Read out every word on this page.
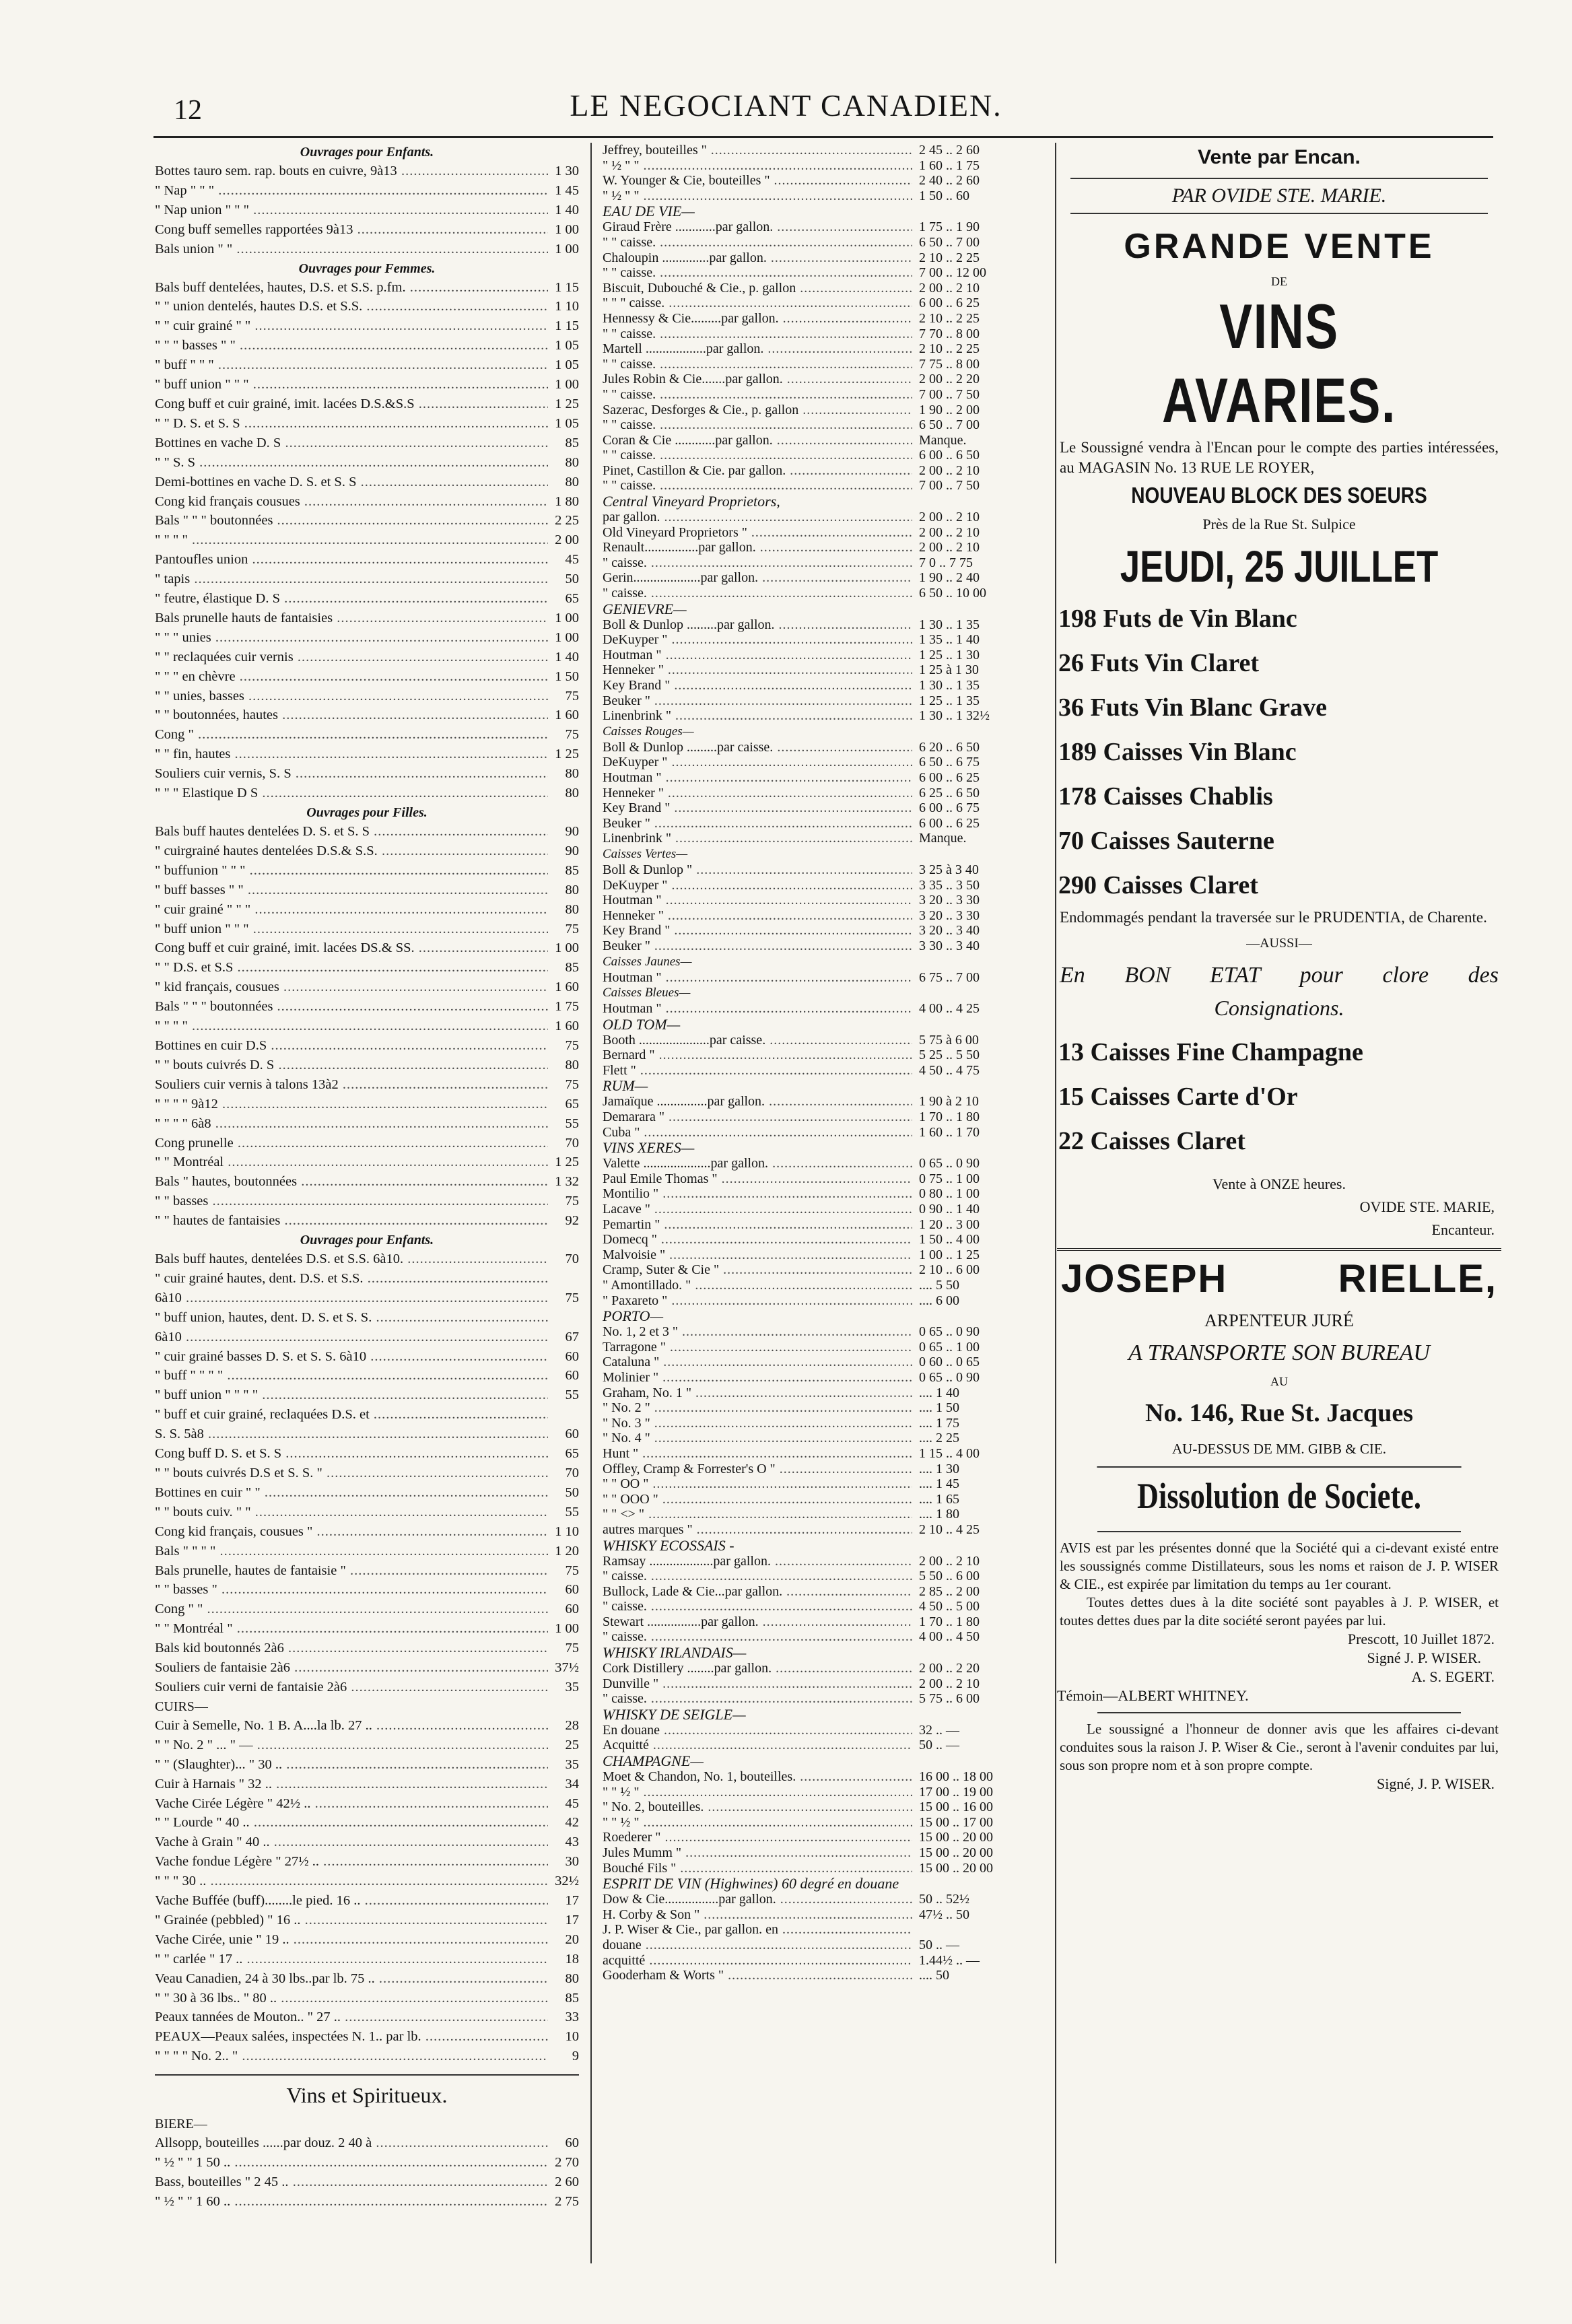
12	LE NEGOCIANT CANADIEN.
Ouvrages pour Enfants.
Bottes tauro sem. rap. bouts en cuivre, 9à13 .....	1 30
" Nap " " " .....	1 45
" Nap union " " " .....	1 40
Cong buff semelles rapportées 9à13 .....	1 00
Bals union " " .....	1 00
Ouvrages pour Femmes.
Bals buff dentelées, hautes, D.S. et S.S. p.fm. .....	1 15
" " union dentelés, hautes D.S. et S.S. .....	1 10
" " cuir grainé " " .....	1 15
" " " basses " " .....	1 05
" buff " " " .....	1 05
" buff union " " " .....	1 00
Cong buff et cuir grainé, imit. lacées D.S.&S.S .....	1 25
" " D. S. et S. S .....	1 05
Bottines en vache D. S .....	85
" " S. S .....	80
Demi-bottines en vache D. S. et S. S .....	80
Cong kid français cousues .....	1 80
Bals " " " boutonnées .....	2 25
" " " " .....	2 00
Pantoufles union .....	45
" tapis .....	50
" feutre, élastique D. S .....	65
Bals prunelle hauts de fantaisies .....	1 00
" " " unies .....	1 00
" " reclaquées cuir vernis .....	1 40
" " " en chèvre .....	1 50
" " unies, basses .....	75
" " boutonnées, hautes .....	1 60
Cong " .....	75
" " fin, hautes .....	1 25
Souliers cuir vernis, S. S .....	80
" " " Elastique D S .....	80
Ouvrages pour Filles.
Bals buff hautes dentelées D. S. et S. S .....	90
" cuirgrainé hautes dentelées D.S.& S.S. .....	90
" buffunion " " " .....	85
" buff basses " " .....	80
" cuir grainé " " " .....	80
" buff union " " " .....	75
Cong buff et cuir grainé, imit. lacées DS.& SS. .....	1 00
" " D.S. et S.S .....	85
" kid français, cousues .....	1 60
Bals " " " boutonnées .....	1 75
" " " " .....	1 60
Bottines en cuir D.S .....	75
" " bouts cuivrés D. S .....	80
Souliers cuir vernis à talons 13à2 .....	75
" " " " 9à12 .....	65
" " " " 6à8 .....	55
Cong prunelle .....	70
" " Montréal .....	1 25
Bals " hautes, boutonnées .....	1 32
" " basses .....	75
" " hautes de fantaisies .....	92
Ouvrages pour Enfants.
Bals buff hautes, dentelées D.S. et S.S. 6à10. .....	70
" cuir grainé hautes, dent. D.S. et S.S. .....
6à10 .....	75
" buff union, hautes, dent. D. S. et S. S. .....
6à10 .....	67
" cuir grainé basses D. S. et S. S. 6à10 .....	60
" buff " " " " .....	60
" buff union " " " " .....	55
" buff et cuir grainé, reclaquées D.S. et .....
S. S. 5à8 .....	60
Cong buff D. S. et S. S .....	65
" " bouts cuivrés D.S et S. S. " .....	70
Bottines en cuir " " .....	50
" " bouts cuiv. " " .....	55
Cong kid français, cousues " .....	1 10
Bals " " " " .....	1 20
Bals prunelle, hautes de fantaisie " .....	75
" " basses " .....	60
Cong " " .....	60
" " Montréal " .....	1 00
Bals kid boutonnés 2à6 .....	75
Souliers de fantaisie 2à6 .....	37½
Souliers cuir verni de fantaisie 2à6 .....	35
CUIRS—
Cuir à Semelle, No. 1 B. A....la lb. 27 .. .....	28
" " No. 2 " ... " — .....	25
" " (Slaughter)... " 30 .. .....	35
Cuir à Harnais " 32 .. .....	34
Vache Cirée Légère " 42½ .. .....	45
" " Lourde " 40 .. .....	42
Vache à Grain " 40 .. .....	43
Vache fondue Légère " 27½ .. .....	30
" " " 30 .. .....	32½
Vache Buffée (buff)........le pied. 16 .. .....	17
" Grainée (pebbled) " 16 .. .....	17
Vache Cirée, unie " 19 .. .....	20
" " carlée " 17 .. .....	18
Veau Canadien, 24 à 30 lbs..par lb. 75 .. .....	80
" " 30 à 36 lbs.. " 80 .. .....	85
Peaux tannées de Mouton.. " 27 .. .....	33
PEAUX—Peaux salées, inspectées N. 1.. par lb. .....	10
" " " " No. 2.. " .....	9
Vins et Spiritueux.
BIERE—
Allsopp, bouteilles ......par douz. 2 40 à .....	60
" ½ " " 1 50 .. .....	2 70
Bass, bouteilles " 2 45 .. .....	2 60
" ½ " " 1 60 .. .....	2 75
Jeffrey, bouteilles " .....	2 45 .. 2 60
" ½ " " .....	1 60 .. 1 75
W. Younger & Cie, bouteilles " .....	2 40 .. 2 60
" ½ " " .....	1 50 .. 60
EAU DE VIE—
Giraud Frère ............par gallon. .....	1 75 .. 1 90
" " caisse. .....	6 50 .. 7 00
Chaloupin ..............par gallon. .....	2 10 .. 2 25
" " caisse. .....	7 00 .. 12 00
Biscuit, Dubouché & Cie., p. gallon .....	2 00 .. 2 10
" " " caisse. .....	6 00 .. 6 25
Hennessy & Cie.........par gallon. .....	2 10 .. 2 25
" " caisse. .....	7 70 .. 8 00
Martell ..................par gallon. .....	2 10 .. 2 25
" " caisse. .....	7 75 .. 8 00
Jules Robin & Cie.......par gallon. .....	2 00 .. 2 20
" " caisse. .....	7 00 .. 7 50
Sazerac, Desforges & Cie., p. gallon .....	1 90 .. 2 00
" " caisse. .....	6 50 .. 7 00
Coran & Cie ............par gallon. .....	Manque.
" " caisse. .....	6 00 .. 6 50
Pinet, Castillon & Cie. par gallon. .....	2 00 .. 2 10
" " caisse. .....	7 00 .. 7 50
Central Vineyard Proprietors,
par gallon. .....	2 00 .. 2 10
Old Vineyard Proprietors " .....	2 00 .. 2 10
Renault................par gallon. .....	2 00 .. 2 10
" caisse. .....	7 0 .. 7 75
Gerin....................par gallon. .....	1 90 .. 2 40
" caisse. .....	6 50 .. 10 00
GENIEVRE—
Boll & Dunlop .........par gallon. .....	1 30 .. 1 35
DeKuyper " .....	1 35 .. 1 40
Houtman " .....	1 25 .. 1 30
Henneker " .....	1 25 à 1 30
Key Brand " .....	1 30 .. 1 35
Beuker " .....	1 25 .. 1 35
Linenbrink " .....	1 30 .. 1 32½
Caisses Rouges—
Boll & Dunlop .........par caisse. .....	6 20 .. 6 50
DeKuyper " .....	6 50 .. 6 75
Houtman " .....	6 00 .. 6 25
Henneker " .....	6 25 .. 6 50
Key Brand " .....	6 00 .. 6 75
Beuker " .....	6 00 .. 6 25
Linenbrink " .....	Manque.
Caisses Vertes—
Boll & Dunlop " .....	3 25 à 3 40
DeKuyper " .....	3 35 .. 3 50
Houtman " .....	3 20 .. 3 30
Henneker " .....	3 20 .. 3 30
Key Brand " .....	3 20 .. 3 40
Beuker " .....	3 30 .. 3 40
Caisses Jaunes—
Houtman " .....	6 75 .. 7 00
Caisses Bleues—
Houtman " .....	4 00 .. 4 25
OLD TOM—
Booth .....................par caisse. .....	5 75 à 6 00
Bernard " .....	5 25 .. 5 50
Flett " .....	4 50 .. 4 75
RUM—
Jamaïque ...............par gallon. .....	1 90 à 2 10
Demarara " .....	1 70 .. 1 80
Cuba " .....	1 60 .. 1 70
VINS XERES—
Valette ....................par gallon. .....	0 65 .. 0 90
Paul Emile Thomas " .....	0 75 .. 1 00
Montilio " .....	0 80 .. 1 00
Lacave " .....	0 90 .. 1 40
Pemartin " .....	1 20 .. 3 00
Domecq " .....	1 50 .. 4 00
Malvoisie " .....	1 00 .. 1 25
Cramp, Suter & Cie " .....	2 10 .. 6 00
" Amontillado. " .....	.... 5 50
" Paxareto " .....	.... 6 00
PORTO—
No. 1, 2 et 3 " .....	0 65 .. 0 90
Tarragone " .....	0 65 .. 1 00
Cataluna " .....	0 60 .. 0 65
Molinier " .....	0 65 .. 0 90
Graham, No. 1 " .....	.... 1 40
" No. 2 " .....	.... 1 50
" No. 3 " .....	.... 1 75
" No. 4 " .....	.... 2 25
Hunt " .....	1 15 .. 4 00
Offley, Cramp & Forrester's O " .....	.... 1 30
" " OO " .....	.... 1 45
" " OOO " .....	.... 1 65
" " <> " .....	.... 1 80
autres marques " .....	2 10 .. 4 25
WHISKY ECOSSAIS -
Ramsay ...................par gallon. .....	2 00 .. 2 10
" caisse. .....	5 50 .. 6 00
Bullock, Lade & Cie...par gallon. .....	2 85 .. 2 00
" caisse. .....	4 50 .. 5 00
Stewart ................par gallon. .....	1 70 .. 1 80
" caisse. .....	4 00 .. 4 50
WHISKY IRLANDAIS—
Cork Distillery ........par gallon. .....	2 00 .. 2 20
Dunville " .....	2 00 .. 2 10
" caisse. .....	5 75 .. 6 00
WHISKY DE SEIGLE—
En douane .....	32 .. —
Acquitté .....	50 .. —
CHAMPAGNE—
Moet & Chandon, No. 1, bouteilles. .....	16 00 .. 18 00
" " ½ " .....	17 00 .. 19 00
" No. 2, bouteilles. .....	15 00 .. 16 00
" " ½ " .....	15 00 .. 17 00
Roederer " .....	15 00 .. 20 00
Jules Mumm " .....	15 00 .. 20 00
Bouché Fils " .....	15 00 .. 20 00
ESPRIT DE VIN (Highwines) 60 degré en douane
Dow & Cie................par gallon. .....	50 .. 52½
H. Corby & Son " .....	47½ .. 50
J. P. Wiser & Cie., par gallon. en .....
douane .....	50 .. —
acquitté .....	1.44½ .. —
Gooderham & Worts " .....	.... 50
Vente par Encan.
PAR OVIDE STE. MARIE.
GRANDE VENTE
DE
VINS AVARIES.
Le Soussigné vendra à l'Encan pour le compte des parties intéressées, au MAGASIN No. 13 RUE LE ROYER,
NOUVEAU BLOCK DES SOEURS
Près de la Rue St. Sulpice
JEUDI, 25 JUILLET
198 Futs de Vin Blanc
26 Futs Vin Claret
36 Futs Vin Blanc Grave
189 Caisses Vin Blanc
178 Caisses Chablis
70 Caisses Sauterne
290 Caisses Claret
Endommagés pendant la traversée sur le PRUDENTIA, de Charente.
—AUSSI—
En BON ETAT pour clore des
Consignations.
13 Caisses Fine Champagne
15 Caisses Carte d'Or
22 Caisses Claret
Vente à ONZE heures.
OVIDE STE. MARIE,
Encanteur.
JOSEPH RIELLE,
ARPENTEUR JURÉ
A TRANSPORTE SON BUREAU
AU
No. 146, Rue St. Jacques
AU-DESSUS DE MM. GIBB & CIE.
Dissolution de Societe.
AVIS est par les présentes donné que la Société qui a ci-devant existé entre les soussignés comme Distillateurs, sous les noms et raison de J. P. WISER & CIE., est expirée par limitation du temps au 1er courant.
Toutes dettes dues à la dite société sont payables à J. P. WISER, et toutes dettes dues par la dite société seront payées par lui.
Prescott, 10 Juillet 1872.
Signé J. P. WISER.
A. S. EGERT.
Témoin—ALBERT WHITNEY.
Le soussigné a l'honneur de donner avis que les affaires ci-devant conduites sous la raison J. P. Wiser & Cie., seront à l'avenir conduites par lui, sous son propre nom et à son propre compte.
Signé, J. P. WISER.
